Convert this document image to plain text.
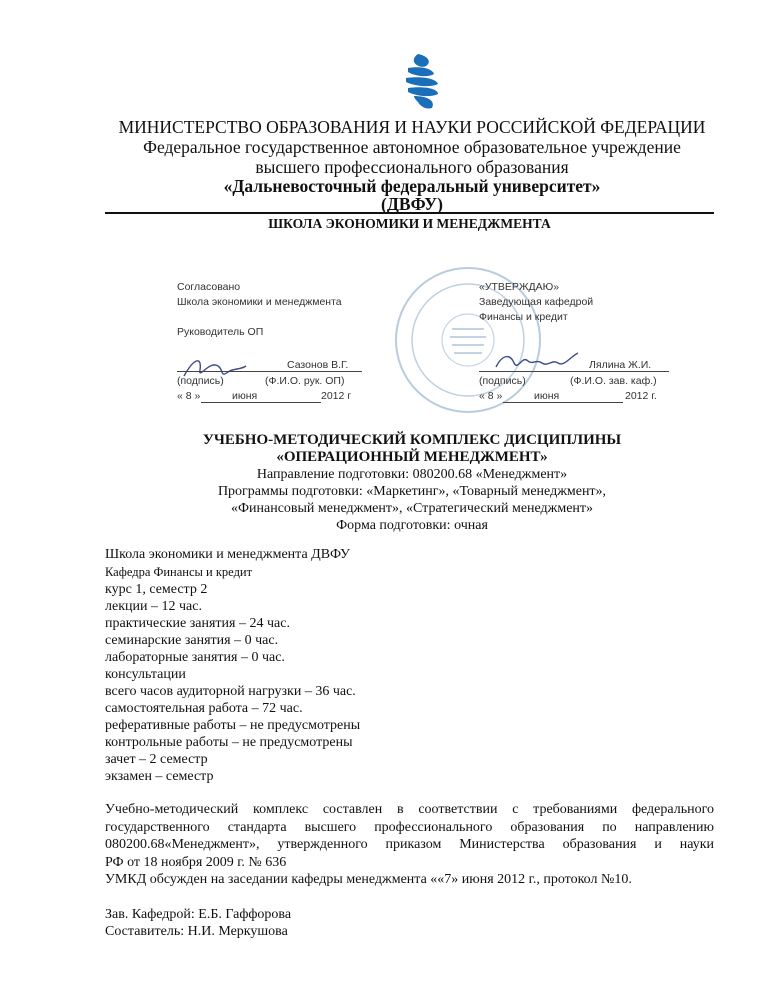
МИНИСТЕРСТВО ОБРАЗОВАНИЯ И НАУКИ РОССИЙСКОЙ ФЕДЕРАЦИИ
Федеральное государственное автономное образовательное учреждение
высшего профессионального образования
«Дальневосточный федеральный университет»
(ДВФУ)
ШКОЛА ЭКОНОМИКИ И МЕНЕДЖМЕНТА
Согласовано
Школа экономики и менеджмента
Руководитель ОП
Сазонов В.Г.
(подпись)	(Ф.И.О. рук. ОП)
« 8 »	июня	2012 г
«УТВЕРЖДАЮ»
Заведующая кафедрой
Финансы и кредит
Лялина Ж.И.
(подпись)	(Ф.И.О. зав. каф.)
« 8 »	июня	2012 г.
УЧЕБНО-МЕТОДИЧЕСКИЙ КОМПЛЕКС ДИСЦИПЛИНЫ
«ОПЕРАЦИОННЫЙ МЕНЕДЖМЕНТ»
Направление подготовки: 080200.68 «Менеджмент»
Программы подготовки: «Маркетинг», «Товарный менеджмент»,
«Финансовый менеджмент», «Стратегический менеджмент»
Форма подготовки: очная
Школа экономики и менеджмента ДВФУ
Кафедра Финансы и кредит
курс 1, семестр 2
лекции – 12 час.
практические занятия – 24 час.
семинарские занятия – 0 час.
лабораторные занятия – 0 час.
консультации
всего часов аудиторной нагрузки – 36 час.
самостоятельная работа – 72 час.
реферативные работы – не предусмотрены
контрольные работы – не предусмотрены
зачет – 2 семестр
экзамен – семестр
Учебно-методический комплекс составлен в соответствии с требованиями федерального
государственного стандарта высшего профессионального образования по направлению
080200.68«Менеджмент», утвержденного приказом Министерства образования и науки
РФ от 18 ноября 2009 г. № 636
УМКД обсужден на заседании кафедры менеджмента ««7» июня 2012 г., протокол №10.
Зав. Кафедрой: Е.Б. Гаффорова
Составитель: Н.И. Меркушова
